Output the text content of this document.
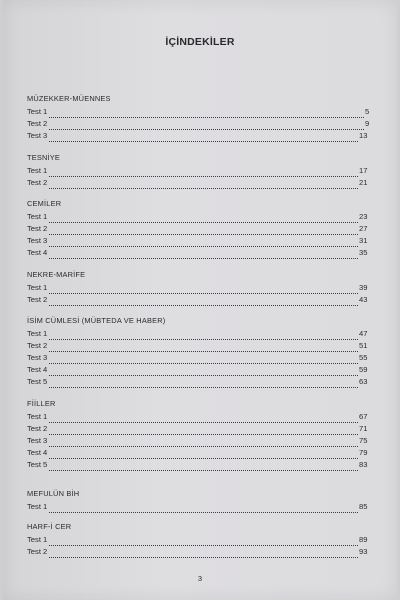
İÇİNDEKİLER
MÜZEKKER-MÜENNES
Test 1	5
Test 2	9
Test 3	13
TESNİYE
Test 1	17
Test 2	21
CEMİLER
Test 1	23
Test 2	27
Test 3	31
Test 4	35
NEKRE-MARİFE
Test 1	39
Test 2	43
İSİM CÜMLESİ (MÜBTEDA VE HABER)
Test 1	47
Test 2	51
Test 3	55
Test 4	59
Test 5	63
FİİLLER
Test 1	67
Test 2	71
Test 3	75
Test 4	79
Test 5	83
MEFULÜN BİH
Test 1	85
HARF-İ CER
Test 1	89
Test 2	93
3
